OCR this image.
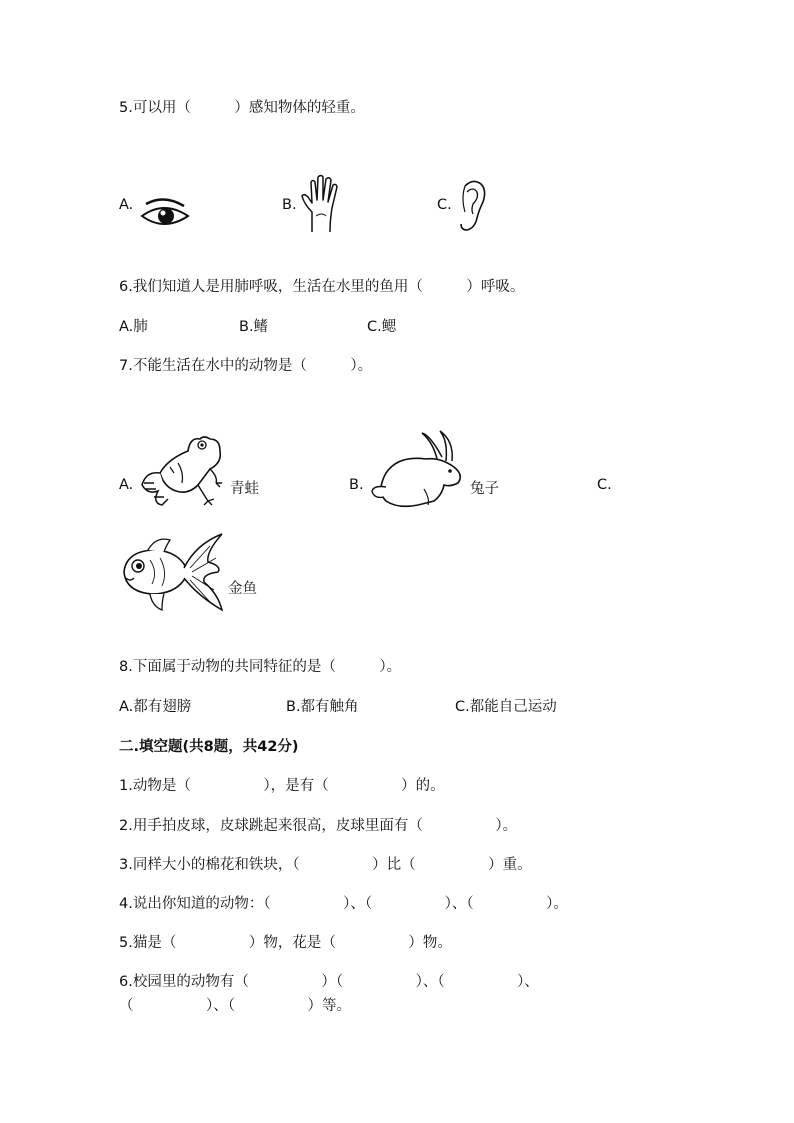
5.可以用（　　　）感知物体的轻重。
A.	B.	C.
6.我们知道人是用肺呼吸，生活在水里的鱼用（　　　）呼吸。
A.肺	B.鳍	C.鳃
7.不能生活在水中的动物是（　　　）。
A.	青蛙	B.	兔子	C.
金鱼
8.下面属于动物的共同特征的是（　　　）。
A.都有翅膀	B.都有触角	C.都能自己运动
二.填空题(共8题，共42分)
1.动物是（　　　　　），是有（　　　　　）的。
2.用手拍皮球，皮球跳起来很高，皮球里面有（　　　　　）。
3.同样大小的棉花和铁块，（　　　　　）比（　　　　　）重。
4.说出你知道的动物：（　　　　　）、（　　　　　）、（　　　　　）。
5.猫是（　　　　　）物，花是（　　　　　）物。
6.校园里的动物有（　　　　　）（　　　　　）、（　　　　　）、
（　　　　　）、（　　　　　）等。
